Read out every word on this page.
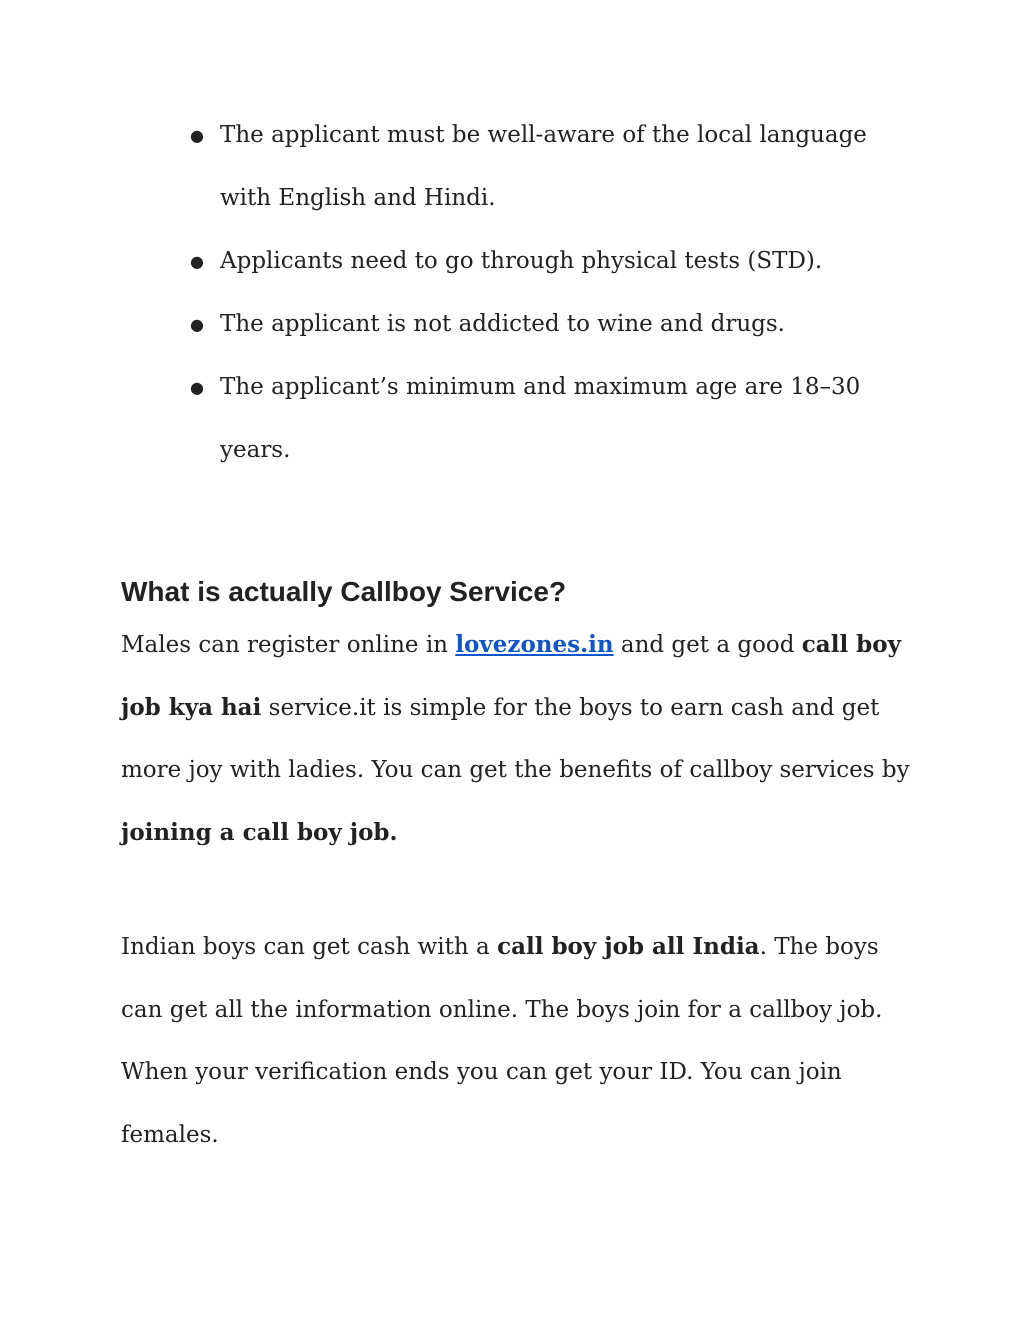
● The applicant must be well-aware of the local language with English and Hindi.
● Applicants need to go through physical tests (STD).
● The applicant is not addicted to wine and drugs.
● The applicant’s minimum and maximum age are 18–30 years.
What is actually Callboy Service?

Males can register online in lovezones.in and get a good call boy job kya hai service.it is simple for the boys to earn cash and get more joy with ladies. You can get the benefits of callboy services by joining a call boy job.

Indian boys can get cash with a call boy job all India. The boys can get all the information online. The boys join for a callboy job. When your verification ends you can get your ID. You can join females.
